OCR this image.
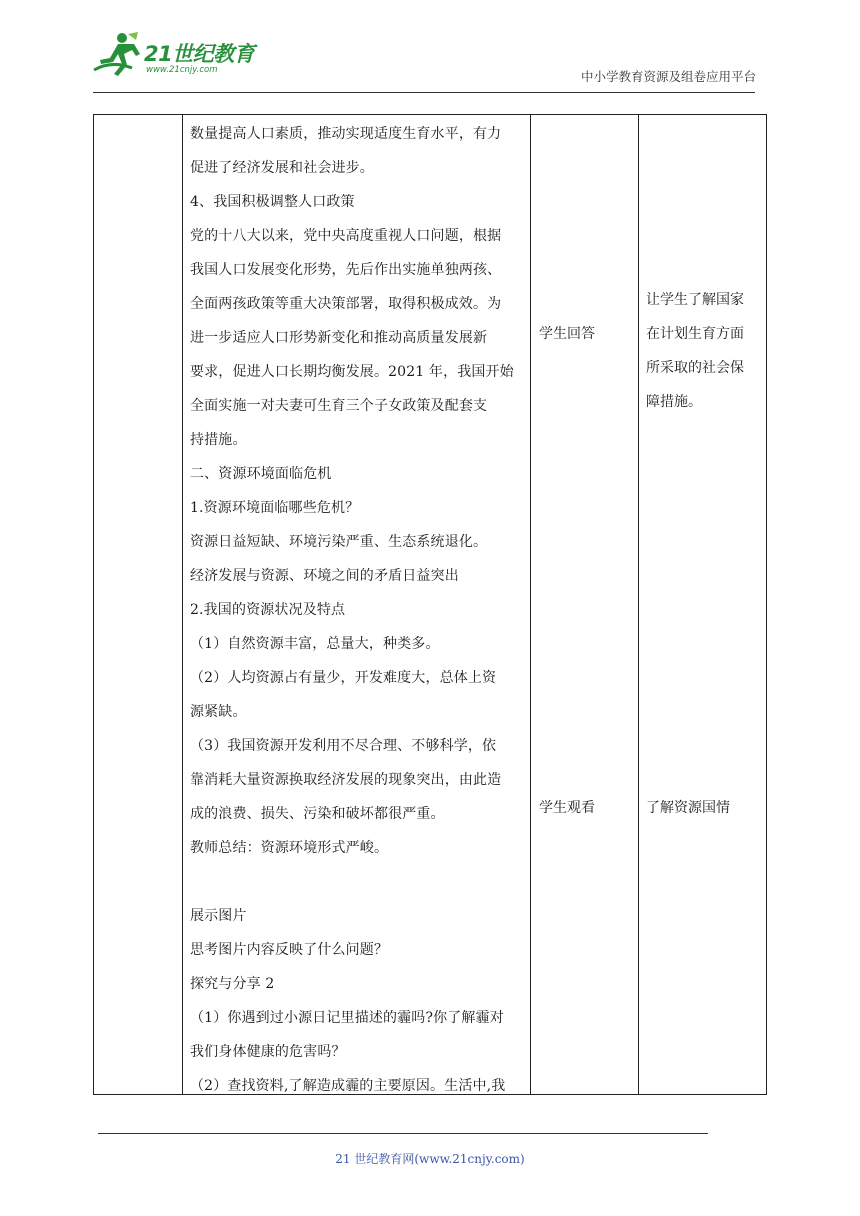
21世纪教育
www.21cnjy.com	中小学教育资源及组卷应用平台
数量提高人口素质，推动实现适度生育水平，有力
促进了经济发展和社会进步。
4、我国积极调整人口政策
党的十八大以来，党中央高度重视人口问题，根据
我国人口发展变化形势，先后作出实施单独两孩、
全面两孩政策等重大决策部署，取得积极成效。为
进一步适应人口形势新变化和推动高质量发展新
要求，促进人口长期均衡发展。2021 年，我国开始
全面实施一对夫妻可生育三个子女政策及配套支
持措施。
二、资源环境面临危机
1.资源环境面临哪些危机？
资源日益短缺、环境污染严重、生态系统退化。
经济发展与资源、环境之间的矛盾日益突出
2.我国的资源状况及特点
（1）自然资源丰富，总量大，种类多。
（2）人均资源占有量少，开发难度大，总体上资
源紧缺。
（3）我国资源开发利用不尽合理、不够科学，依
靠消耗大量资源换取经济发展的现象突出，由此造
成的浪费、损失、污染和破坏都很严重。
教师总结：资源环境形式严峻。
展示图片
思考图片内容反映了什么问题？
探究与分享 2
（1）你遇到过小源日记里描述的霾吗?你了解霾对
我们身体健康的危害吗？
（2）查找资料,了解造成霾的主要原因。生活中,我
学生回答
学生观看
让学生了解国家
在计划生育方面
所采取的社会保
障措施。
了解资源国情
21 世纪教育网(www.21cnjy.com)
